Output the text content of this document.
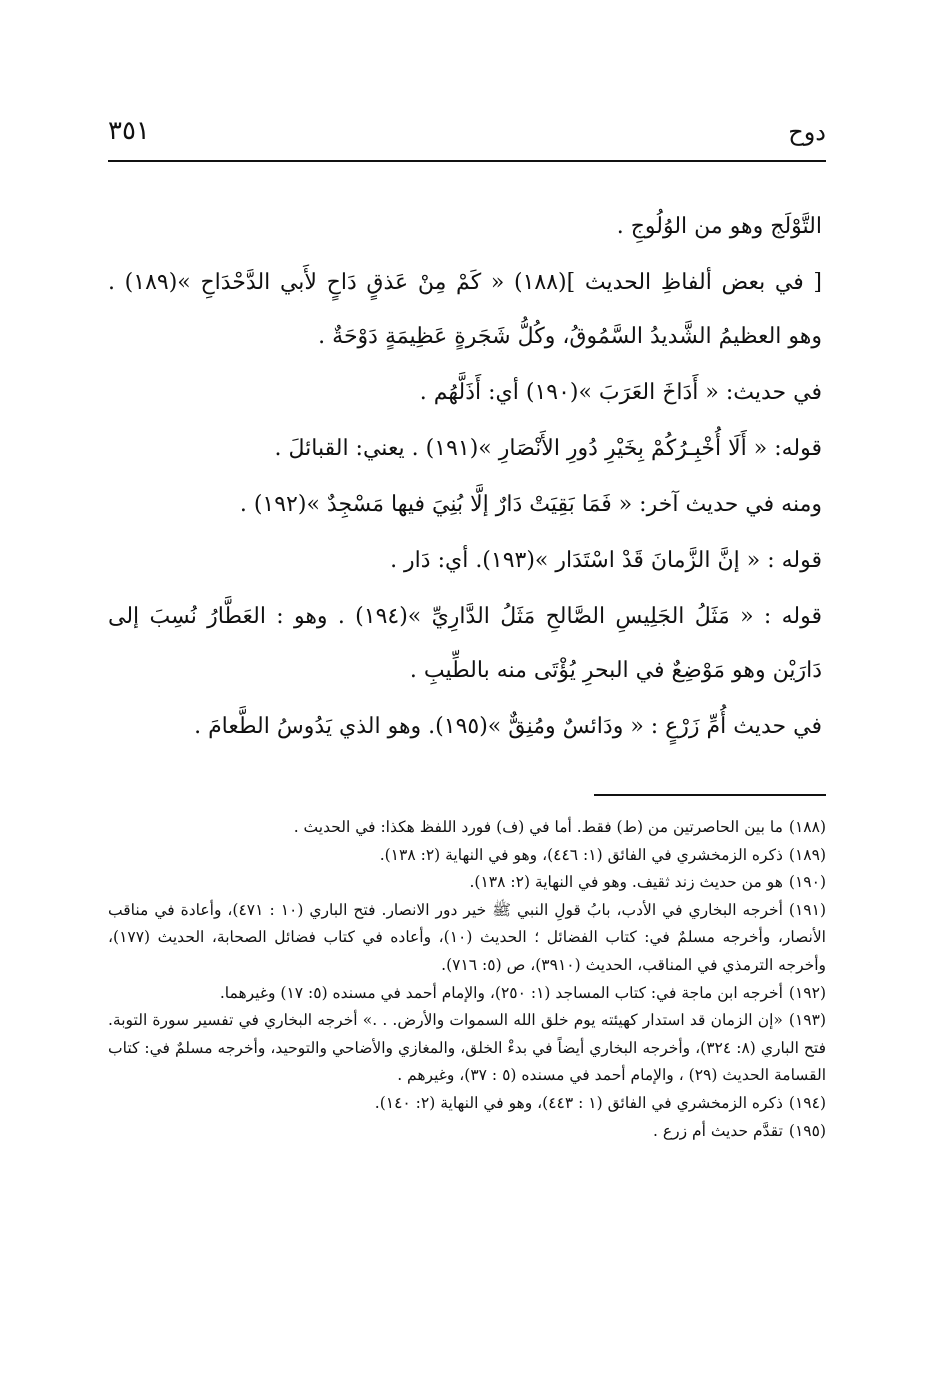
دوح
٣٥١

التَّوْلَج وهو من الوُلُوجِ .

[ في بعض ألفاظِ الحديث ](١٨٨) « كَمْ مِنْ عَذقٍ دَاحٍ لأَبي الدَّحْدَاحِ »(١٨٩) . وهو العظيمُ الشَّديدُ السَّمُوقُ، وكُلُّ شَجَرةٍ عَظِيمَةٍ دَوْحَةٌ .

في حديث: « أَدَاخَ العَرَبَ »(١٩٠) أي: أَذَلَّهُم .

قوله: « أَلَا أُخْبِـرُكُمْ بِخَيْرِ دُورِ الأَنْصَارِ »(١٩١) . يعني: القبائلَ .

ومنه في حديث آخر: « فَمَا بَقِيَتْ دَارٌ إلَّا بُنِيَ فيها مَسْجِدٌ »(١٩٢) .

قوله : « إنَّ الزَّمانَ قَدْ اسْتَدَار »(١٩٣). أي: دَار .

قوله : « مَثَلُ الجَلِيسِ الصَّالحِ مَثَلُ الدَّارِيِّ »(١٩٤) . وهو : العَطَّارُ نُسِبَ إلى دَارَيْن وهو مَوْضِعٌ في البحرِ يُؤْتَى منه بالطِّيبِ .

في حديث أُمِّ زَرْعٍ : « ودَائسٌ ومُنِقٌّ »(١٩٥). وهو الذي يَدُوسُ الطَّعامَ .

(١٨٨)ما بين الحاصرتين من (ط) فقط. أما في (ف) فورد اللفظ هكذا: في الحديث .

(١٨٩)ذكره الزمخشري في الفائق (١: ٤٤٦)، وهو في النهاية (٢: ١٣٨).

(١٩٠)هو من حديث زند ثقيف. وهو في النهاية (٢: ١٣٨).

(١٩١)أخرجه البخاري في الأدب، بابُ قولِ النبي ﷺ خير دور الانصار. فتح الباري (١٠ : ٤٧١)، وأعادة في مناقب الأنصار، وأخرجه مسلمٌ في: كتاب الفضائل ؛ الحديث (١٠)، وأعاده في كتاب فضائل الصحابة، الحديث (١٧٧)، وأخرجه الترمذي في المناقب، الحديث (٣٩١٠)، ص (٥: ٧١٦).

(١٩٢)أخرجه ابن ماجة في: كتاب المساجد (١: ٢٥٠)، والإمام أحمد في مسنده (٥: ١٧) وغيرهما.

(١٩٣)«إن الزمان قد استدار كهيئته يوم خلق الله السموات والأرض. . .» أخرجه البخاري في تفسير سورة التوبة. فتح الباري (٨: ٣٢٤)، وأخرجه البخاري أيضاً في بدءْ الخلق، والمغازي والأضاحي والتوحيد، وأخرجه مسلمٌ في: كتاب القسامة الحديث (٢٩) ، والإمام أحمد في مسنده (٥ : ٣٧)، وغيرهم .

(١٩٤)ذكره الزمخشري في الفائق (١ : ٤٤٣)، وهو في النهاية (٢: ١٤٠).

(١٩٥)تقدَّم حديث أم زرع .
